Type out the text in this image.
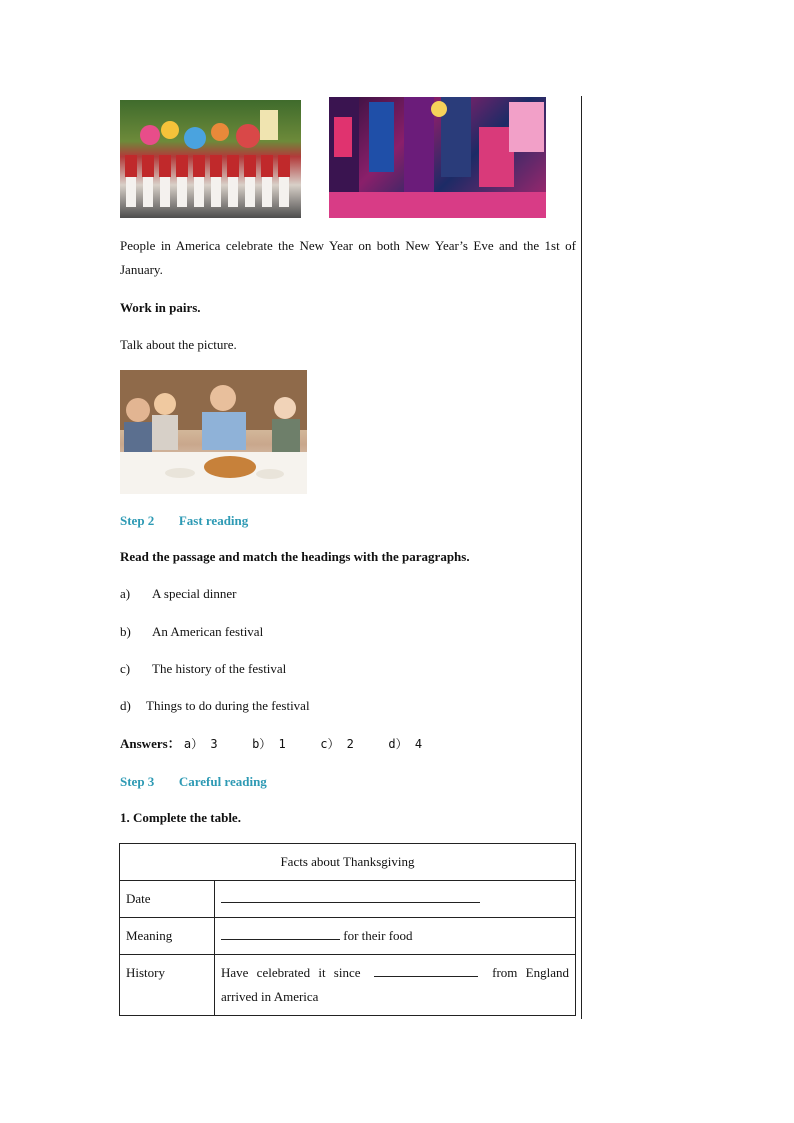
People in America celebrate the New Year on both New Year’s Eve and the 1st of January.
Work in pairs.
Talk about the picture.
Step 2 Fast reading
Read the passage and match the headings with the paragraphs.
a) A special dinner
b) An American festival
c) The history of the festival
d) Things to do during the festival
Answers： a） 3	b） 1	c） 2	d） 4
Step 3 Careful reading
1. Complete the table.
Facts about Thanksgiving	
Date	
Meaning	for their food
History	Have celebrated it since from England
arrived in America
